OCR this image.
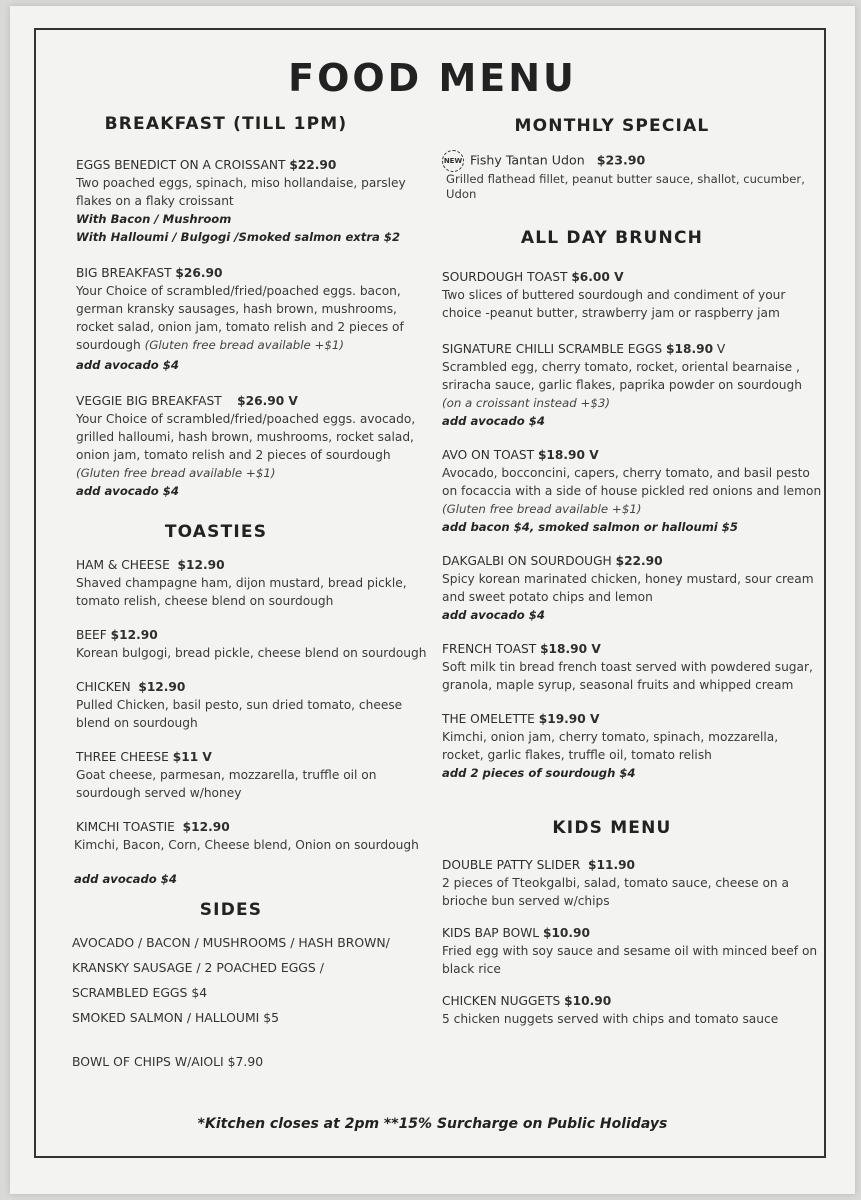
FOOD MENU
BREAKFAST (TILL 1PM)
EGGS BENEDICT ON A CROISSANT $22.90
Two poached eggs, spinach, miso hollandaise, parsley flakes on a flaky croissant
With Bacon / Mushroom
With Halloumi / Bulgogi /Smoked salmon extra $2
BIG BREAKFAST $26.90
Your Choice of scrambled/fried/poached eggs. bacon, german kransky sausages, hash brown, mushrooms, rocket salad, onion jam, tomato relish and 2 pieces of sourdough (Gluten free bread available +$1)
add avocado $4
VEGGIE BIG BREAKFAST $26.90 V
Your Choice of scrambled/fried/poached eggs. avocado, grilled halloumi, hash brown, mushrooms, rocket salad, onion jam, tomato relish and 2 pieces of sourdough
(Gluten free bread available +$1)
add avocado $4
TOASTIES
HAM & CHEESE $12.90
Shaved champagne ham, dijon mustard, bread pickle, tomato relish, cheese blend on sourdough
BEEF $12.90
Korean bulgogi, bread pickle, cheese blend on sourdough
CHICKEN $12.90
Pulled Chicken, basil pesto, sun dried tomato, cheese blend on sourdough
THREE CHEESE $11 V
Goat cheese, parmesan, mozzarella, truffle oil on sourdough served w/honey
KIMCHI TOASTIE $12.90
Kimchi, Bacon, Corn, Cheese blend, Onion on sourdough
add avocado $4
SIDES
AVOCADO / BACON / MUSHROOMS / HASH BROWN/
KRANSKY SAUSAGE / 2 POACHED EGGS /
SCRAMBLED EGGS $4
SMOKED SALMON / HALLOUMI $5
BOWL OF CHIPS W/AIOLI $7.90
MONTHLY SPECIAL
NEW Fishy Tantan Udon $23.90
Grilled flathead fillet, peanut butter sauce, shallot, cucumber, Udon
ALL DAY BRUNCH
SOURDOUGH TOAST $6.00 V
Two slices of buttered sourdough and condiment of your choice -peanut butter, strawberry jam or raspberry jam
SIGNATURE CHILLI SCRAMBLE EGGS $18.90 V
Scrambled egg, cherry tomato, rocket, oriental bearnaise , sriracha sauce, garlic flakes, paprika powder on sourdough
(on a croissant instead +$3)
add avocado $4
AVO ON TOAST $18.90 V
Avocado, bocconcini, capers, cherry tomato, and basil pesto on focaccia with a side of house pickled red onions and lemon
(Gluten free bread available +$1)
add bacon $4, smoked salmon or halloumi $5
DAKGALBI ON SOURDOUGH $22.90
Spicy korean marinated chicken, honey mustard, sour cream and sweet potato chips and lemon
add avocado $4
FRENCH TOAST $18.90 V
Soft milk tin bread french toast served with powdered sugar, granola, maple syrup, seasonal fruits and whipped cream
THE OMELETTE $19.90 V
Kimchi, onion jam, cherry tomato, spinach, mozzarella, rocket, garlic flakes, truffle oil, tomato relish
add 2 pieces of sourdough $4
KIDS MENU
DOUBLE PATTY SLIDER $11.90
2 pieces of Tteokgalbi, salad, tomato sauce, cheese on a brioche bun served w/chips
KIDS BAP BOWL $10.90
Fried egg with soy sauce and sesame oil with minced beef on black rice
CHICKEN NUGGETS $10.90
5 chicken nuggets served with chips and tomato sauce
*Kitchen closes at 2pm **15% Surcharge on Public Holidays
